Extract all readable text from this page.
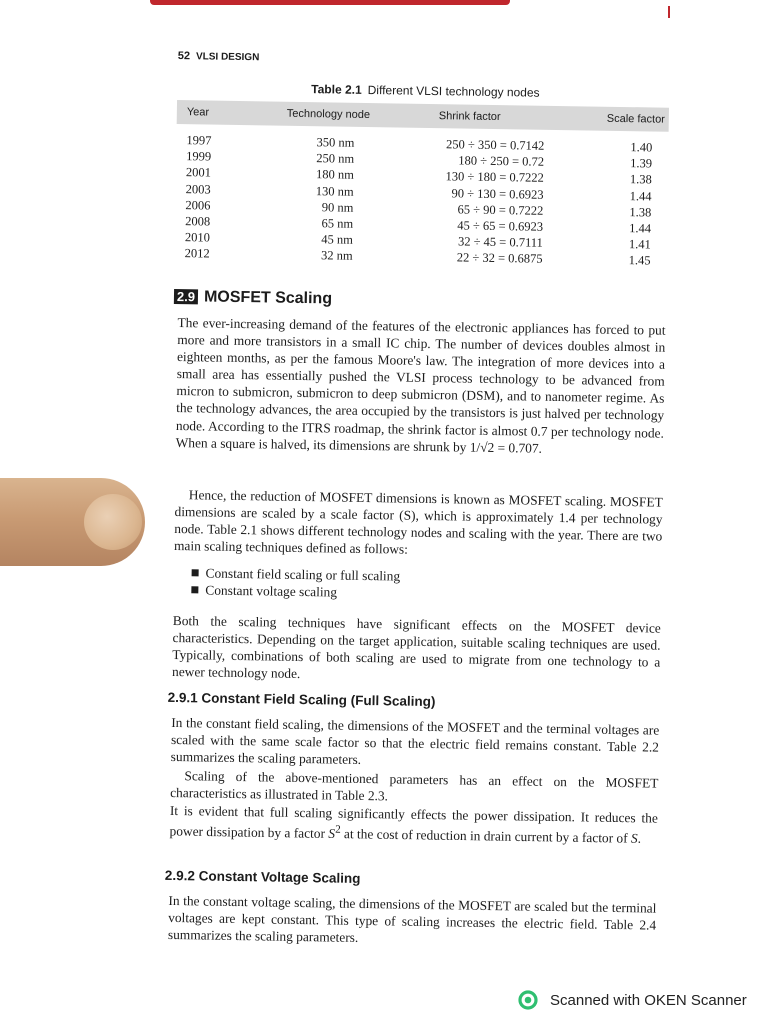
52 VLSI DESIGN
Table 2.1 Different VLSI technology nodes
Year	Technology node	Shrink factor	Scale factor
1997	350 nm	250 ÷ 350 = 0.7142	1.40
1999	250 nm	180 ÷ 250 = 0.72	1.39
2001	180 nm	130 ÷ 180 = 0.7222	1.38
2003	130 nm	90 ÷ 130 = 0.6923	1.44
2006	90 nm	65 ÷ 90 = 0.7222	1.38
2008	65 nm	45 ÷ 65 = 0.6923	1.44
2010	45 nm	32 ÷ 45 = 0.7111	1.41
2012	32 nm	22 ÷ 32 = 0.6875	1.45
2.9 MOSFET Scaling

The ever-increasing demand of the features of the electronic appliances has forced to put more and more transistors in a small IC chip. The number of devices doubles almost in eighteen months, as per the famous Moore's law. The integration of more devices into a small area has essentially pushed the VLSI process technology to be advanced from micron to submicron, submicron to deep submicron (DSM), and to nanometer regime. As the technology advances, the area occupied by the transistors is just halved per technology node. According to the ITRS roadmap, the shrink factor is almost 0.7 per technology node. When a square is halved, its dimensions are shrunk by 1/√2 = 0.707.

Hence, the reduction of MOSFET dimensions is known as MOSFET scaling. MOSFET dimensions are scaled by a scale factor (S), which is approximately 1.4 per technology node. Table 2.1 shows different technology nodes and scaling with the year. There are two main scaling techniques defined as follows:

Constant field scaling or full scaling
Constant voltage scaling

Both the scaling techniques have significant effects on the MOSFET device characteristics. Depending on the target application, suitable scaling techniques are used. Typically, combinations of both scaling are used to migrate from one technology to a newer technology node.

2.9.1 Constant Field Scaling (Full Scaling)

In the constant field scaling, the dimensions of the MOSFET and the terminal voltages are scaled with the same scale factor so that the electric field remains constant. Table 2.2 summarizes the scaling parameters.

Scaling of the above-mentioned parameters has an effect on the MOSFET characteristics as illustrated in Table 2.3.

It is evident that full scaling significantly effects the power dissipation. It reduces the power dissipation by a factor $S^2$ at the cost of reduction in drain current by a factor of S.

2.9.2 Constant Voltage Scaling

In the constant voltage scaling, the dimensions of the MOSFET are scaled but the terminal voltages are kept constant. This type of scaling increases the electric field. Table 2.4 summarizes the scaling parameters.

Scanned with OKEN Scanner
